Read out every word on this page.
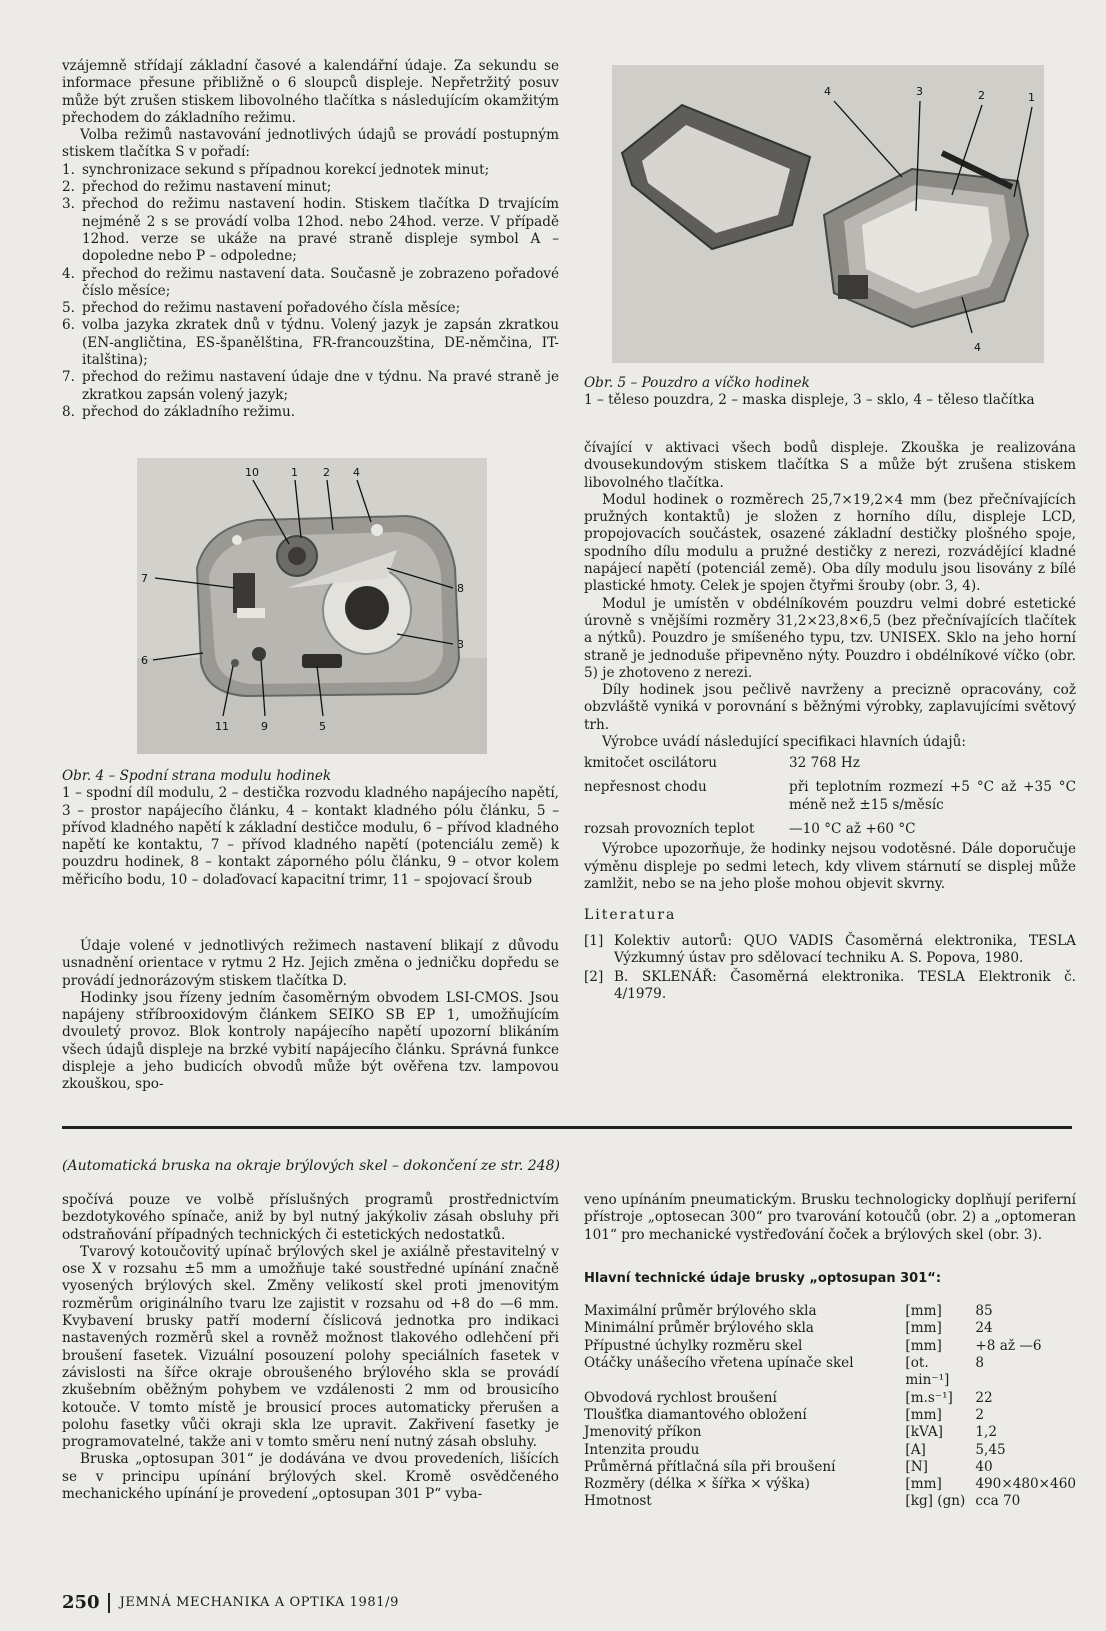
vzájemně střídají základní časové a kalendářní údaje. Za sekundu se informace přesune přibližně o 6 sloupců displeje. Nepřetržitý posuv může být zrušen stiskem libovolného tlačítka s následujícím okamžitým přechodem do základního režimu.

Volba režimů nastavování jednotlivých údajů se provádí postupným stiskem tlačítka S v pořadí:

1. synchronizace sekund s případnou korekcí jednotek minut;
2. přechod do režimu nastavení minut;
3. přechod do režimu nastavení hodin. Stiskem tlačítka D trvajícím nejméně 2 s se provádí volba 12hod. nebo 24hod. verze. V případě 12hod. verze se ukáže na pravé straně displeje symbol A – dopoledne nebo P – odpoledne;
4. přechod do režimu nastavení data. Současně je zobrazeno pořadové číslo měsíce;
5. přechod do režimu nastavení pořadového čísla měsíce;
6. volba jazyka zkratek dnů v týdnu. Volený jazyk je zapsán zkratkou (EN-angličtina, ES-španělština, FR-francouzština, DE-němčina, IT-italština);
7. přechod do režimu nastavení údaje dne v týdnu. Na pravé straně je zkratkou zapsán volený jazyk;
8. přechod do základního režimu.
10	1 2 4
7
8
6
3
11	9	5
Obr. 4 – Spodní strana modulu hodinek
1 – spodní díl modulu, 2 – destička rozvodu kladného napájecího napětí, 3 – prostor napájecího článku, 4 – kontakt kladného pólu článku, 5 – přívod kladného napětí k základní destičce modulu, 6 – přívod kladného napětí ke kontaktu, 7 – přívod kladného napětí (potenciálu země) k pouzdru hodinek, 8 – kontakt záporného pólu článku, 9 – otvor kolem měřicího bodu, 10 – dolaďovací kapacitní trimr, 11 – spojovací šroub

Údaje volené v jednotlivých režimech nastavení blikají z důvodu usnadnění orientace v rytmu 2 Hz. Jejich změna o jedničku dopředu se provádí jednorázovým stiskem tlačítka D.

Hodinky jsou řízeny jedním časoměrným obvodem LSI-CMOS. Jsou napájeny stříbrooxidovým článkem SEIKO SB EP 1, umožňujícím dvouletý provoz. Blok kontroly napájecího napětí upozorní blikáním všech údajů displeje na brzké vybití napájecího článku. Správná funkce displeje a jeho budicích obvodů může být ověřena tzv. lampovou zkouškou, spo-

4	3	2	1
4
Obr. 5 – Pouzdro a víčko hodinek
1 – těleso pouzdra, 2 – maska displeje, 3 – sklo, 4 – těleso tlačítka

čívající v aktivaci všech bodů displeje. Zkouška je realizována dvousekundovým stiskem tlačítka S a může být zrušena stiskem libovolného tlačítka.

Modul hodinek o rozměrech 25,7×19,2×4 mm (bez přečnívajících pružných kontaktů) je složen z horního dílu, displeje LCD, propojovacích součástek, osazené základní destičky plošného spoje, spodního dílu modulu a pružné destičky z nerezi, rozvádějící kladné napájecí napětí (potenciál země). Oba díly modulu jsou lisovány z bílé plastické hmoty. Celek je spojen čtyřmi šrouby (obr. 3, 4).

Modul je umístěn v obdélníkovém pouzdru velmi dobré estetické úrovně s vnějšími rozměry 31,2×23,8×6,5 (bez přečnívajících tlačítek a nýtků). Pouzdro je smíšeného typu, tzv. UNISEX. Sklo na jeho horní straně je jednoduše připevněno nýty. Pouzdro i obdélníkové víčko (obr. 5) je zhotoveno z nerezi.

Díly hodinek jsou pečlivě navrženy a precizně opracovány, což obzvláště vyniká v porovnání s běžnými výrobky, zaplavujícími světový trh.

Výrobce uvádí následující specifikaci hlavních údajů:

kmitočet oscilátoru	32 768 Hz
nepřesnost chodu	při teplotním rozmezí +5 °C až +35 °C méně než ±15 s/měsíc
rozsah provozních teplot	—10 °C až +60 °C

Výrobce upozorňuje, že hodinky nejsou vodotěsné. Dále doporučuje výměnu displeje po sedmi letech, kdy vlivem stárnutí se displej může zamlžit, nebo se na jeho ploše mohou objevit skvrny.

Literatura
[1] Kolektiv autorů: QUO VADIS Časoměrná elektronika, TESLA Výzkumný ústav pro sdělovací techniku A. S. Popova, 1980.
[2] B. SKLENÁŘ: Časoměrná elektronika. TESLA Elektronik č. 4/1979.
(Automatická bruska na okraje brýlových skel – dokončení ze str. 248)

spočívá pouze ve volbě příslušných programů prostřednictvím bezdotykového spínače, aniž by byl nutný jakýkoliv zásah obsluhy při odstraňování případných technických či estetických nedostatků.

Tvarový kotoučovitý upínač brýlových skel je axiálně přestavitelný v ose X v rozsahu ±5 mm a umožňuje také soustředné upínání značně vyosených brýlových skel. Změny velikostí skel proti jmenovitým rozměrům originálního tvaru lze zajistit v rozsahu od +8 do —6 mm. Kvybavení brusky patří moderní číslicová jednotka pro indikaci nastavených rozměrů skel a rovněž možnost tlakového odlehčení při broušení fasetek. Vizuální posouzení polohy speciálních fasetek v závislosti na šířce okraje obroušeného brýlového skla se provádí zkušebním oběžným pohybem ve vzdálenosti 2 mm od brousicího kotouče. V tomto místě je brousicí proces automaticky přerušen a polohu fasetky vůči okraji skla lze upravit. Zakřivení fasetky je programovatelné, takže ani v tomto směru není nutný zásah obsluhy.

Bruska „optosupan 301“ je dodávána ve dvou provedeních, lišících se v principu upínání brýlových skel. Kromě osvědčeného mechanického upínání je provedení „optosupan 301 P“ vyba-

veno upínáním pneumatickým. Brusku technologicky doplňují periferní přístroje „optosecan 300“ pro tvarování kotoučů (obr. 2) a „optomeran 101“ pro mechanické vystřeďování čoček a brýlových skel (obr. 3).

Hlavní technické údaje brusky „optosupan 301“:
Maximální průměr brýlového skla	[mm]	85
Minimální průměr brýlového skla	[mm]	24
Přípustné úchylky rozměru skel	[mm]	+8 až —6
Otáčky unášecího vřetena upínače skel	[ot. min⁻¹]	8
Obvodová rychlost broušení	[m.s⁻¹]	22
Tloušťka diamantového obložení	[mm]	2
Jmenovitý příkon	[kVA]	1,2
Intenzita proudu	[A]	5,45
Průměrná přítlačná síla při broušení	[N]	40
Rozměry (délka × šířka × výška)	[mm]	490×480×460
Hmotnost	[kg] (gn)	cca 70
250 JEMNÁ MECHANIKA A OPTIKA 1981/9
